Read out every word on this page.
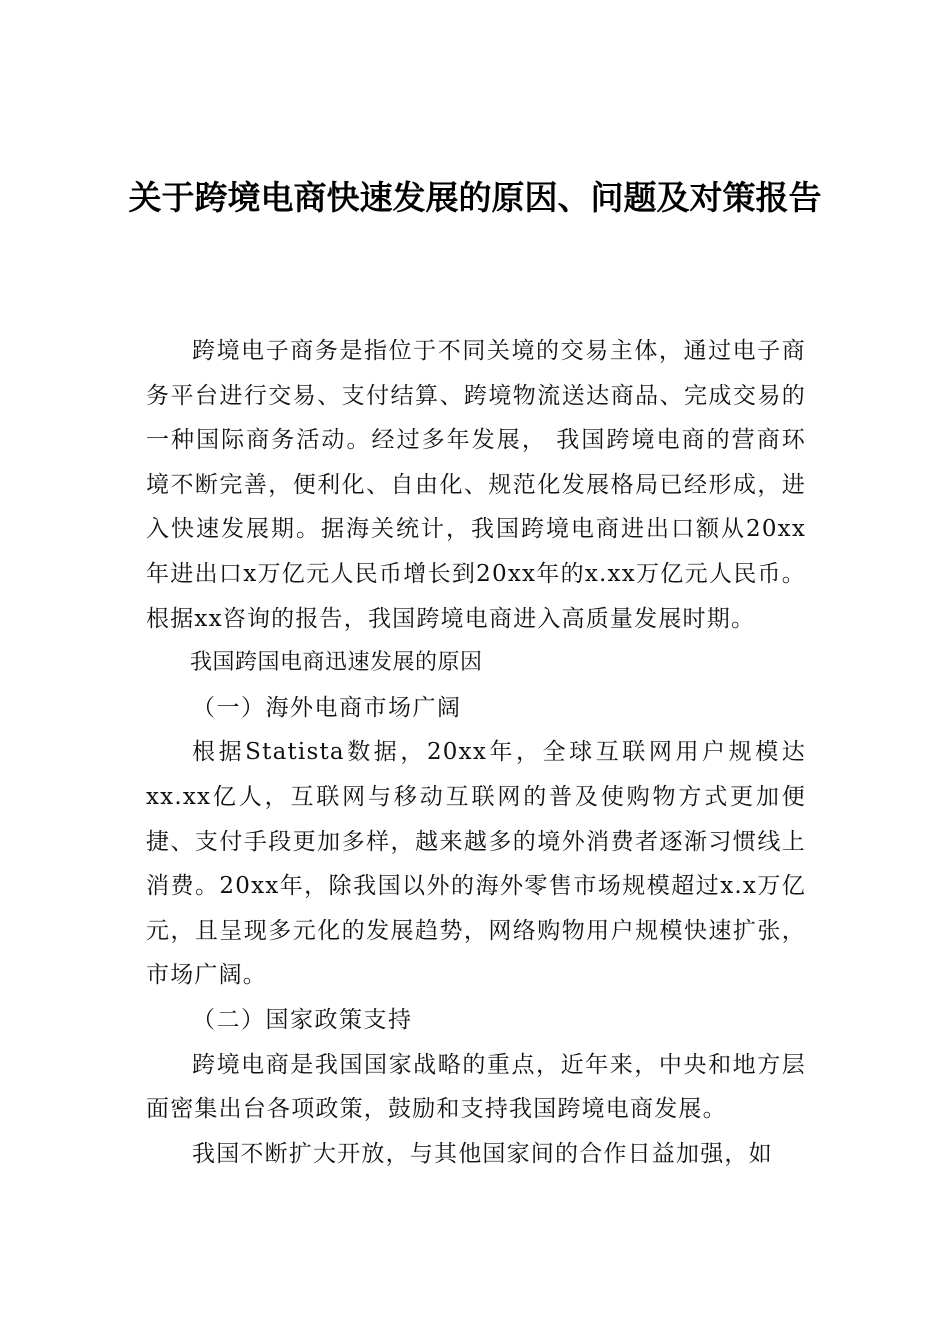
关于跨境电商快速发展的原因、问题及对策报告

跨境电子商务是指位于不同关境的交易主体，通过电子商务平台进行交易、支付结算、跨境物流送达商品、完成交易的一种国际商务活动。经过多年发展， 我国跨境电商的营商环境不断完善，便利化、自由化、规范化发展格局已经形成，进入快速发展期。据海关统计，我国跨境电商进出口额从20xx年进出口x万亿元人民币增长到20xx年的x.xx万亿元人民币。根据xx咨询的报告，我国跨境电商进入高质量发展时期。

我国跨国电商迅速发展的原因

（一）海外电商市场广阔

根据Statista数据，20xx年，全球互联网用户规模达xx.xx亿人，互联网与移动互联网的普及使购物方式更加便捷、支付手段更加多样，越来越多的境外消费者逐渐习惯线上消费。20xx年，除我国以外的海外零售市场规模超过x.x万亿元，且呈现多元化的发展趋势，网络购物用户规模快速扩张，市场广阔。

（二）国家政策支持

跨境电商是我国国家战略的重点，近年来，中央和地方层面密集出台各项政策，鼓励和支持我国跨境电商发展。

我国不断扩大开放，与其他国家间的合作日益加强，如
